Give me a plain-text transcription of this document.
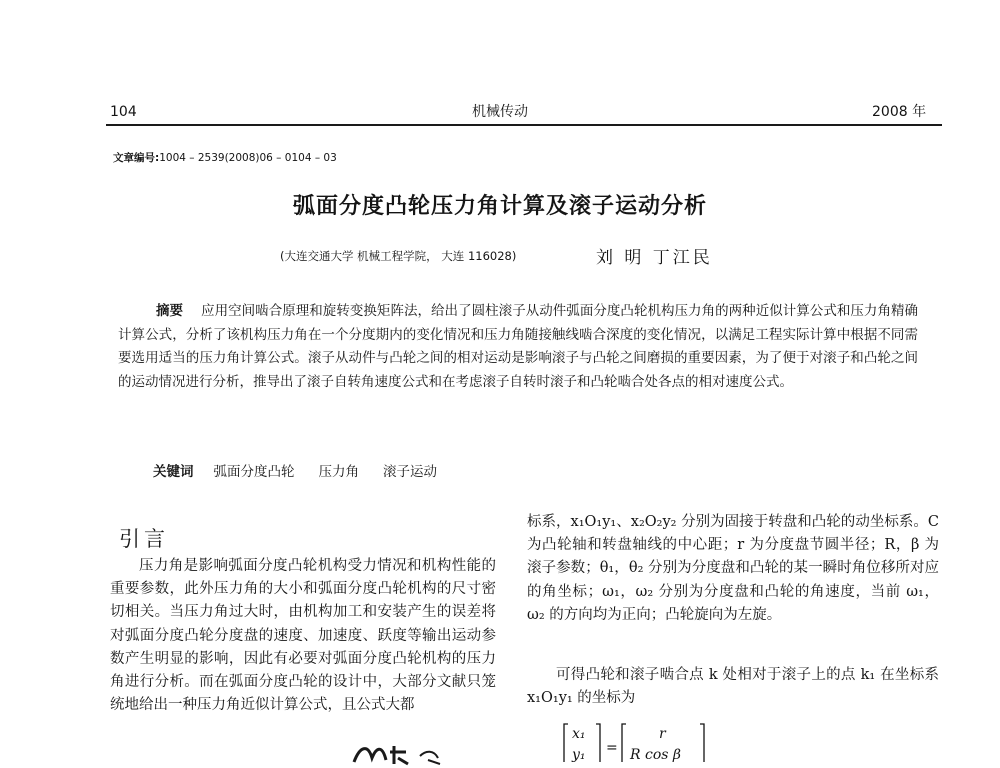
104	机械传动	2008 年
文章编号:1004 – 2539(2008)06 – 0104 – 03
弧面分度凸轮压力角计算及滚子运动分析
(大连交通大学 机械工程学院， 大连 116028)	刘 明 丁江民
摘要 应用空间啮合原理和旋转变换矩阵法，给出了圆柱滚子从动件弧面分度凸轮机构压力角的两种近似计算公式和压力角精确计算公式，分析了该机构压力角在一个分度期内的变化情况和压力角随接触线啮合深度的变化情况，以满足工程实际计算中根据不同需要选用适当的压力角计算公式。滚子从动件与凸轮之间的相对运动是影响滚子与凸轮之间磨损的重要因素，为了便于对滚子和凸轮之间的运动情况进行分析，推导出了滚子自转角速度公式和在考虑滚子自转时滚子和凸轮啮合处各点的相对速度公式。
关键词 弧面分度凸轮 压力角 滚子运动
引言
压力角是影响弧面分度凸轮机构受力情况和机构性能的重要参数，此外压力角的大小和弧面分度凸轮机构的尺寸密切相关。当压力角过大时，由机构加工和安装产生的误差将对弧面分度凸轮分度盘的速度、加速度、跃度等输出运动参数产生明显的影响，因此有必要对弧面分度凸轮机构的压力角进行分析。而在弧面分度凸轮的设计中，大部分文献只笼统地给出一种压力角近似计算公式，且公式大都
标系，x₁O₁y₁、x₂O₂y₂ 分别为固接于转盘和凸轮的动坐标系。C 为凸轮轴和转盘轴线的中心距；r 为分度盘节圆半径；R，β 为滚子参数；θ₁，θ₂ 分别为分度盘和凸轮的某一瞬时角位移所对应的角坐标；ω₁，ω₂ 分别为分度盘和凸轮的角速度，当前 ω₁，ω₂ 的方向均为正向；凸轮旋向为左旋。
可得凸轮和滚子啮合点 k 处相对于滚子上的点 k₁ 在坐标系 x₁O₁y₁ 的坐标为
x₁
y₁ =
r
R cos β
